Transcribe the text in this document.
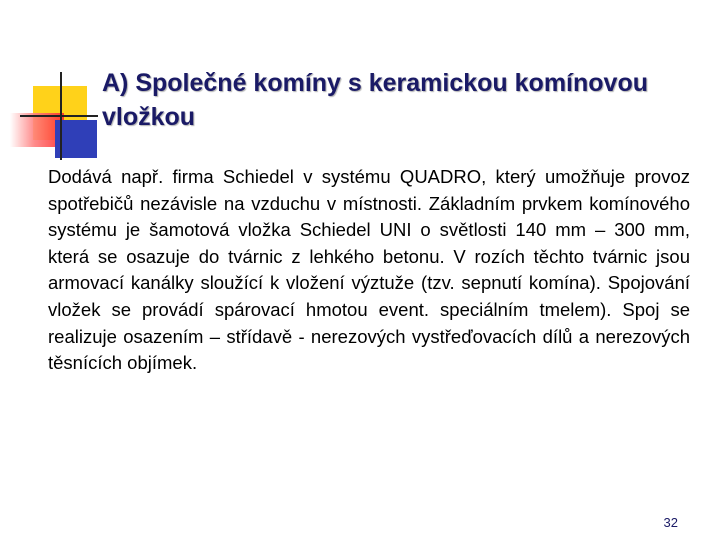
A) Společné komíny s keramickou komínovou vložkou

Dodává např. firma Schiedel v systému QUADRO, který umožňuje provoz spotřebičů nezávisle na vzduchu v místnosti. Základním prvkem komínového systému je šamotová vložka Schiedel UNI o světlosti 140 mm – 300 mm, která se osazuje do tvárnic z lehkého betonu. V rozích těchto tvárnic jsou armovací kanálky sloužící k vložení výztuže (tzv. sepnutí komína). Spojování vložek se provádí spárovací hmotou event. speciálním tmelem). Spoj se realizuje osazením – střídavě - nerezových vystřeďovacích dílů a nerezových těsnících objímek.

32
